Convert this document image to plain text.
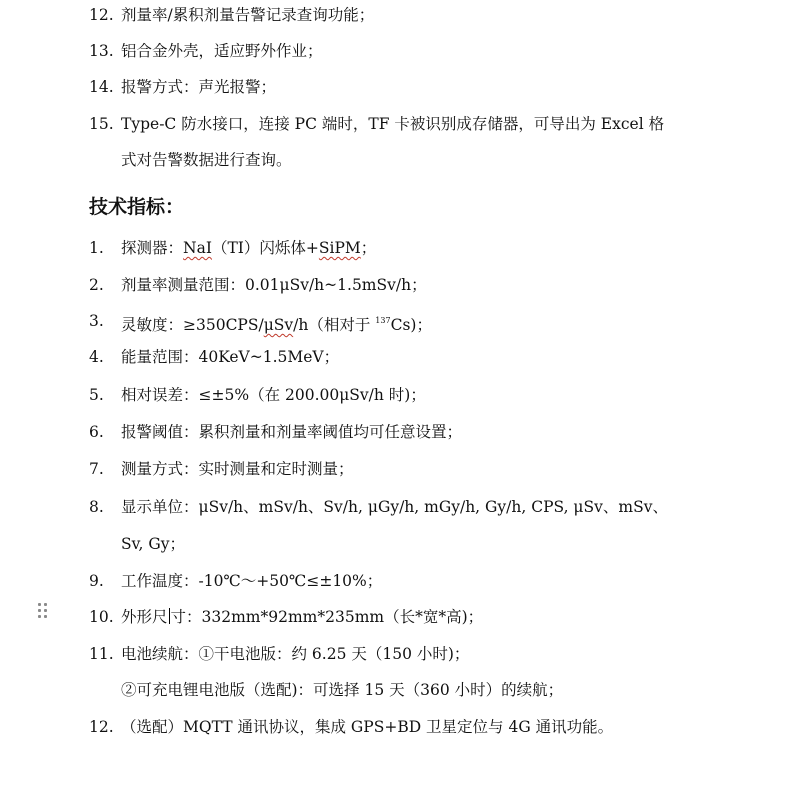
12. 剂量率/累积剂量告警记录查询功能；
13. 铝合金外壳，适应野外作业；
14. 报警方式：声光报警；
15. Type-C 防水接口，连接 PC 端时，TF 卡被识别成存储器，可导出为 Excel 格
式对告警数据进行查询。
技术指标：
1. 探测器：NaI（TI）闪烁体+SiPM；
2. 剂量率测量范围：0.01μSv/h~1.5mSv/h；
3. 灵敏度：≥350CPS/μSv/h（相对于 $^{137}$Cs)；
4. 能量范围：40KeV~1.5MeV；
5. 相对误差：≤±5%（在 200.00μSv/h 时)；
6. 报警阈值：累积剂量和剂量率阈值均可任意设置；
7. 测量方式：实时测量和定时测量；
8. 显示单位：μSv/h、mSv/h、Sv/h, μGy/h, mGy/h, Gy/h, CPS, μSv、mSv、
Sv, Gy；
9. 工作温度：-10℃～+50℃≤±10%；
10. 外形尺 寸：332mm*92mm*235mm（长*宽*高)；
11. 电池续航：①干电池版：约 6.25 天（150 小时)；
②可充电锂电池版（选配)：可选择 15 天（360 小时）的续航；
12. （选配）MQTT 通讯协议，集成 GPS+BD 卫星定位与 4G 通讯功能。
